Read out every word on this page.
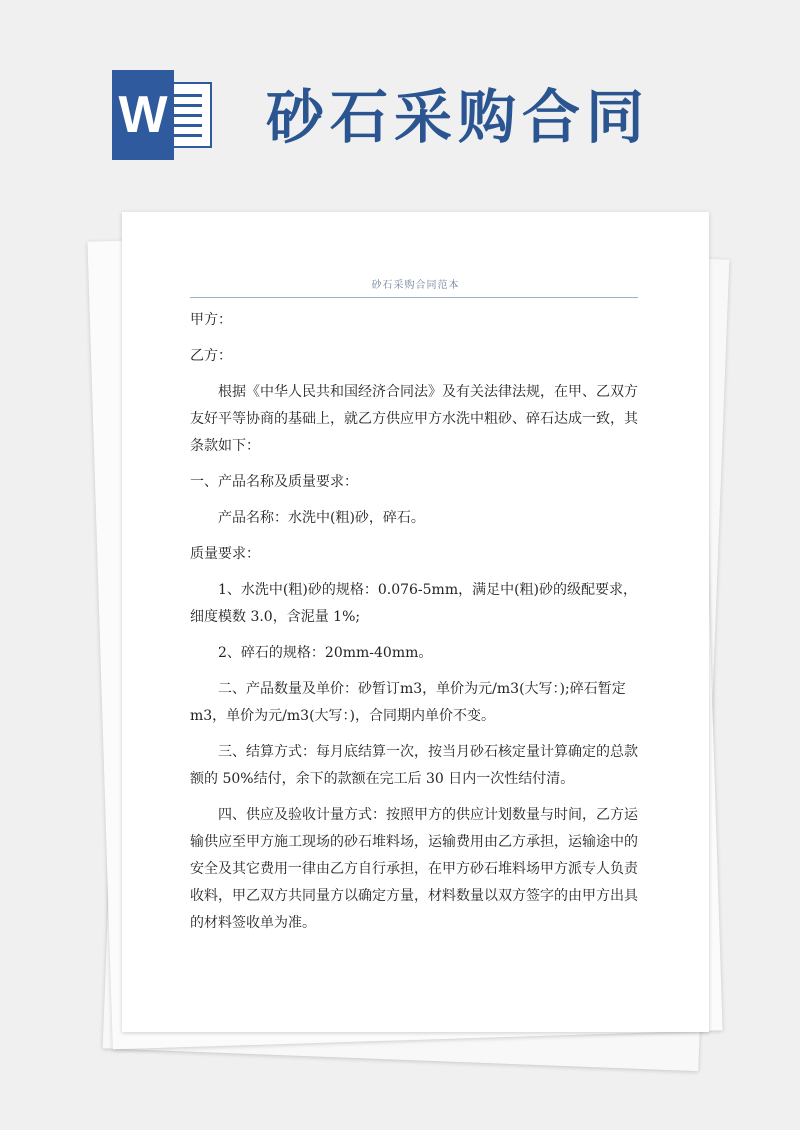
W 砂石采购合同
砂石采购合同范本

甲方：

乙方：

根据《中华人民共和国经济合同法》及有关法律法规，在甲、乙双方友好平等协商的基础上，就乙方供应甲方水洗中粗砂、碎石达成一致，其条款如下：

一、产品名称及质量要求：

产品名称：水洗中(粗)砂，碎石。

质量要求：

1、水洗中(粗)砂的规格：0.076-5mm，满足中(粗)砂的级配要求，细度模数 3.0，含泥量 1%;

2、碎石的规格：20mm-40mm。

二、产品数量及单价：砂暂订m3，单价为元/m3(大写：);碎石暂定m3，单价为元/m3(大写：)，合同期内单价不变。

三、结算方式：每月底结算一次，按当月砂石核定量计算确定的总款额的 50%结付，余下的款额在完工后 30 日内一次性结付清。

四、供应及验收计量方式：按照甲方的供应计划数量与时间，乙方运输供应至甲方施工现场的砂石堆料场，运输费用由乙方承担，运输途中的安全及其它费用一律由乙方自行承担，在甲方砂石堆料场甲方派专人负责收料，甲乙双方共同量方以确定方量，材料数量以双方签字的由甲方出具的材料签收单为准。
